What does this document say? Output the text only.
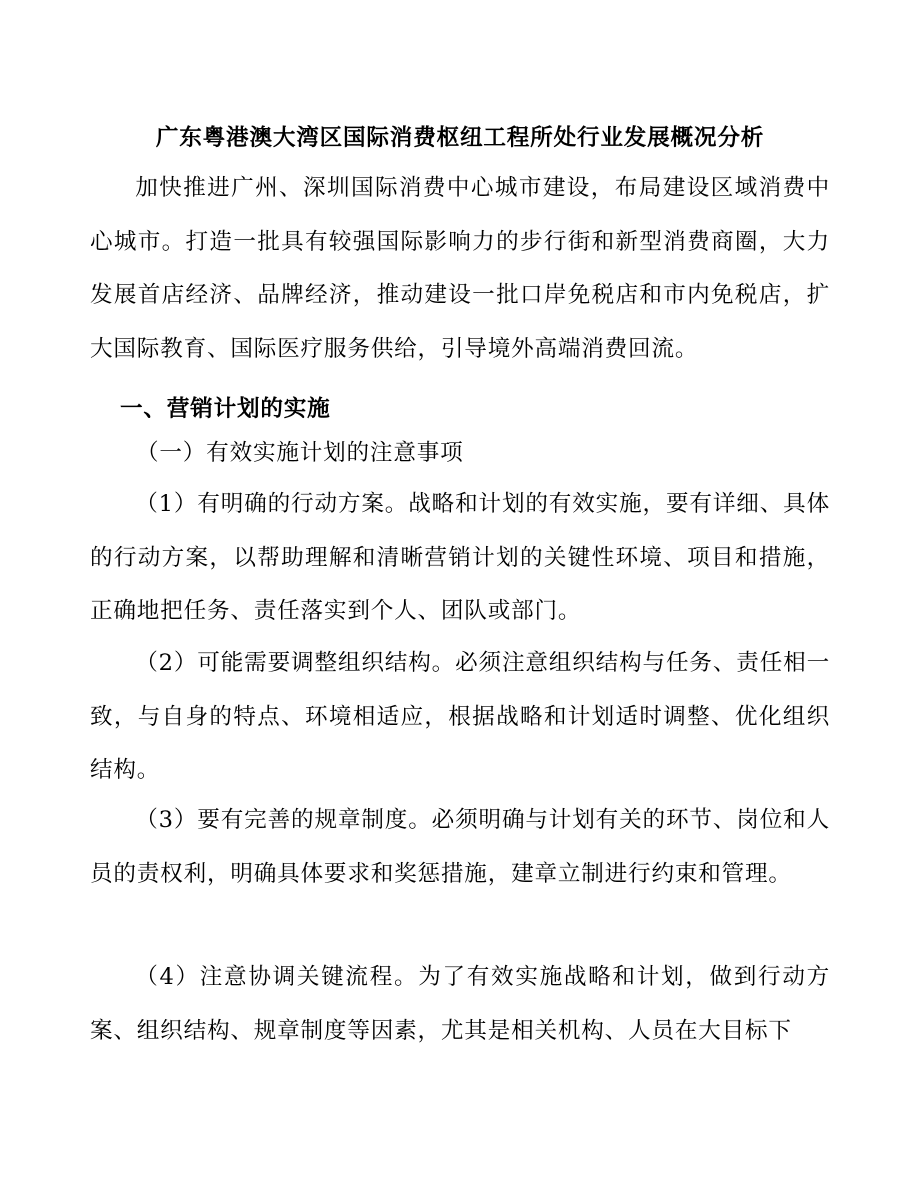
广东粤港澳大湾区国际消费枢纽工程所处行业发展概况分析

加快推进广州、深圳国际消费中心城市建设，布局建设区域消费中心城市。打造一批具有较强国际影响力的步行街和新型消费商圈，大力发展首店经济、品牌经济，推动建设一批口岸免税店和市内免税店，扩大国际教育、国际医疗服务供给，引导境外高端消费回流。

一、营销计划的实施
（一）有效实施计划的注意事项

（1）有明确的行动方案。战略和计划的有效实施，要有详细、具体的行动方案，以帮助理解和清晰营销计划的关键性环境、项目和措施，正确地把任务、责任落实到个人、团队或部门。

（2）可能需要调整组织结构。必须注意组织结构与任务、责任相一致，与自身的特点、环境相适应，根据战略和计划适时调整、优化组织结构。

（3）要有完善的规章制度。必须明确与计划有关的环节、岗位和人员的责权利，明确具体要求和奖惩措施，建章立制进行约束和管理。

（4）注意协调关键流程。为了有效实施战略和计划，做到行动方案、组织结构、规章制度等因素，尤其是相关机构、人员在大目标下
